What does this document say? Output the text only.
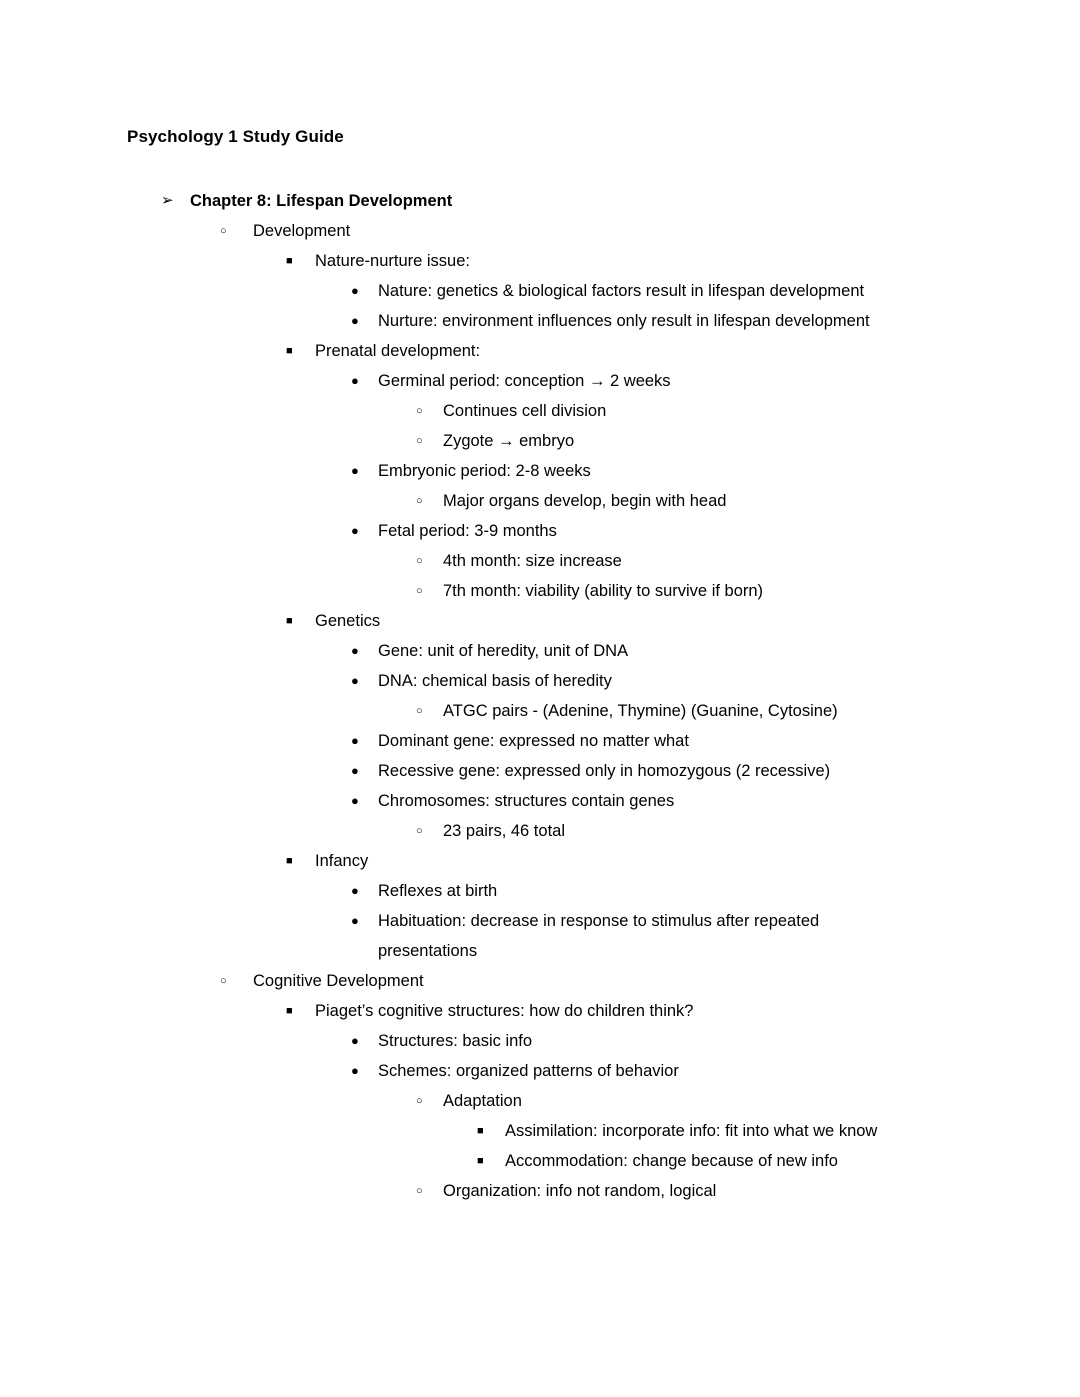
Psychology 1 Study Guide
➢ Chapter 8: Lifespan Development
○ Development
■ Nature-nurture issue:
● Nature: genetics & biological factors result in lifespan development
● Nurture: environment influences only result in lifespan development
■ Prenatal development:
● Germinal period: conception → 2 weeks
○ Continues cell division
○ Zygote → embryo
● Embryonic period: 2-8 weeks
○ Major organs develop, begin with head
● Fetal period: 3-9 months
○ 4th month: size increase
○ 7th month: viability (ability to survive if born)
■ Genetics
● Gene: unit of heredity, unit of DNA
● DNA: chemical basis of heredity
○ ATGC pairs - (Adenine, Thymine) (Guanine, Cytosine)
● Dominant gene: expressed no matter what
● Recessive gene: expressed only in homozygous (2 recessive)
● Chromosomes: structures contain genes
○ 23 pairs, 46 total
■ Infancy
● Reflexes at birth
● Habituation: decrease in response to stimulus after repeated presentations
○ Cognitive Development
■ Piaget’s cognitive structures: how do children think?
● Structures: basic info
● Schemes: organized patterns of behavior
○ Adaptation
■ Assimilation: incorporate info: fit into what we know
■ Accommodation: change because of new info
○ Organization: info not random, logical
